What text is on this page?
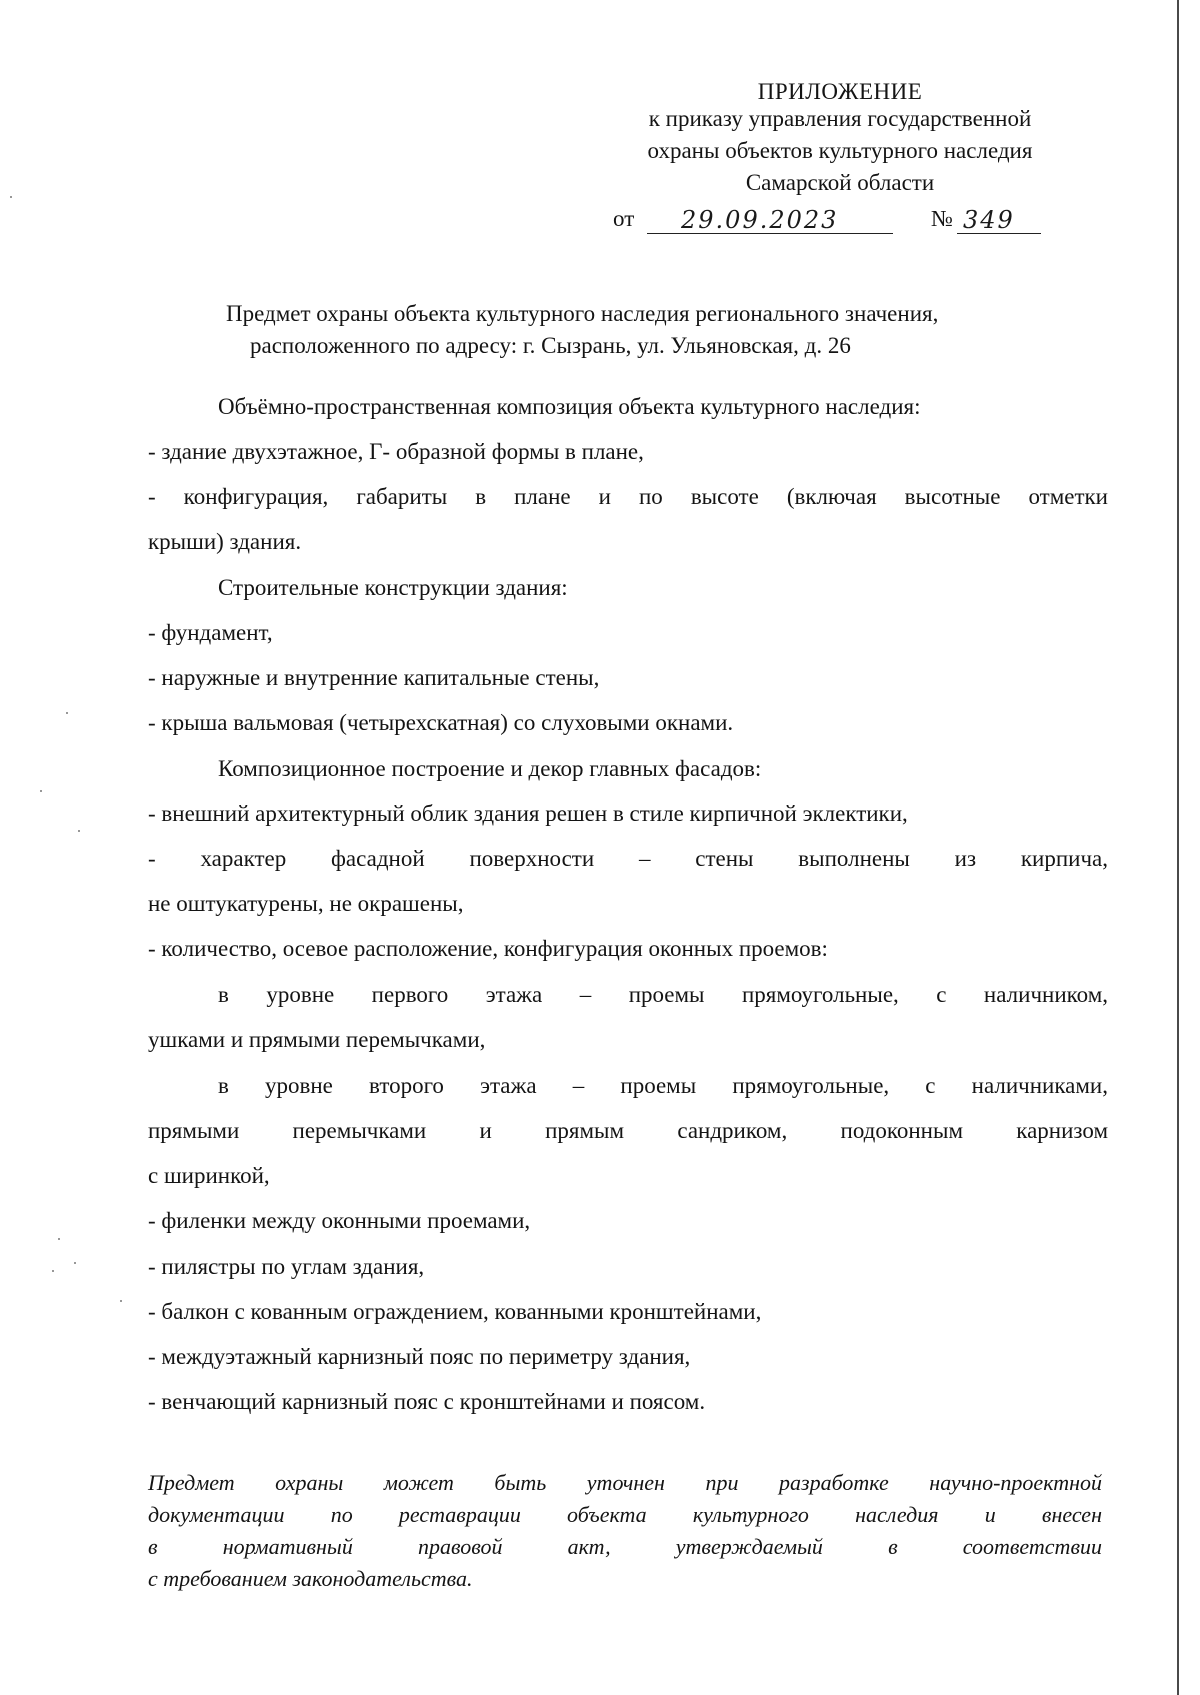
ПРИЛОЖЕНИЕ
к приказу управления государственной
охраны объектов культурного наследия
Самарской области
от 29.09.2023	№ 349
Предмет охраны объекта культурного наследия регионального значения,
расположенного по адресу: г. Сызрань, ул. Ульяновская, д. 26
Объёмно-пространственная композиция объекта культурного наследия:
- здание двухэтажное, Г- образной формы в плане,
- конфигурация, габариты в плане и по высоте (включая высотные отметки
крыши) здания.
Строительные конструкции здания:
- фундамент,
- наружные и внутренние капитальные стены,
- крыша вальмовая (четырехскатная) со слуховыми окнами.
Композиционное построение и декор главных фасадов:
- внешний архитектурный облик здания решен в стиле кирпичной эклектики,
- характер фасадной поверхности – стены выполнены из кирпича,
не оштукатурены, не окрашены,
- количество, осевое расположение, конфигурация оконных проемов:
в уровне первого этажа – проемы прямоугольные, с наличником,
ушками и прямыми перемычками,
в уровне второго этажа – проемы прямоугольные, с наличниками,
прямыми перемычками и прямым сандриком, подоконным карнизом
с ширинкой,
- филенки между оконными проемами,
- пилястры по углам здания,
- балкон с кованным ограждением, кованными кронштейнами,
- междуэтажный карнизный пояс по периметру здания,
- венчающий карнизный пояс с кронштейнами и поясом.
Предмет охраны может быть уточнен при разработке научно-проектной
документации по реставрации объекта культурного наследия и внесен
в нормативный правовой акт, утверждаемый в соответствии
с требованием законодательства.
